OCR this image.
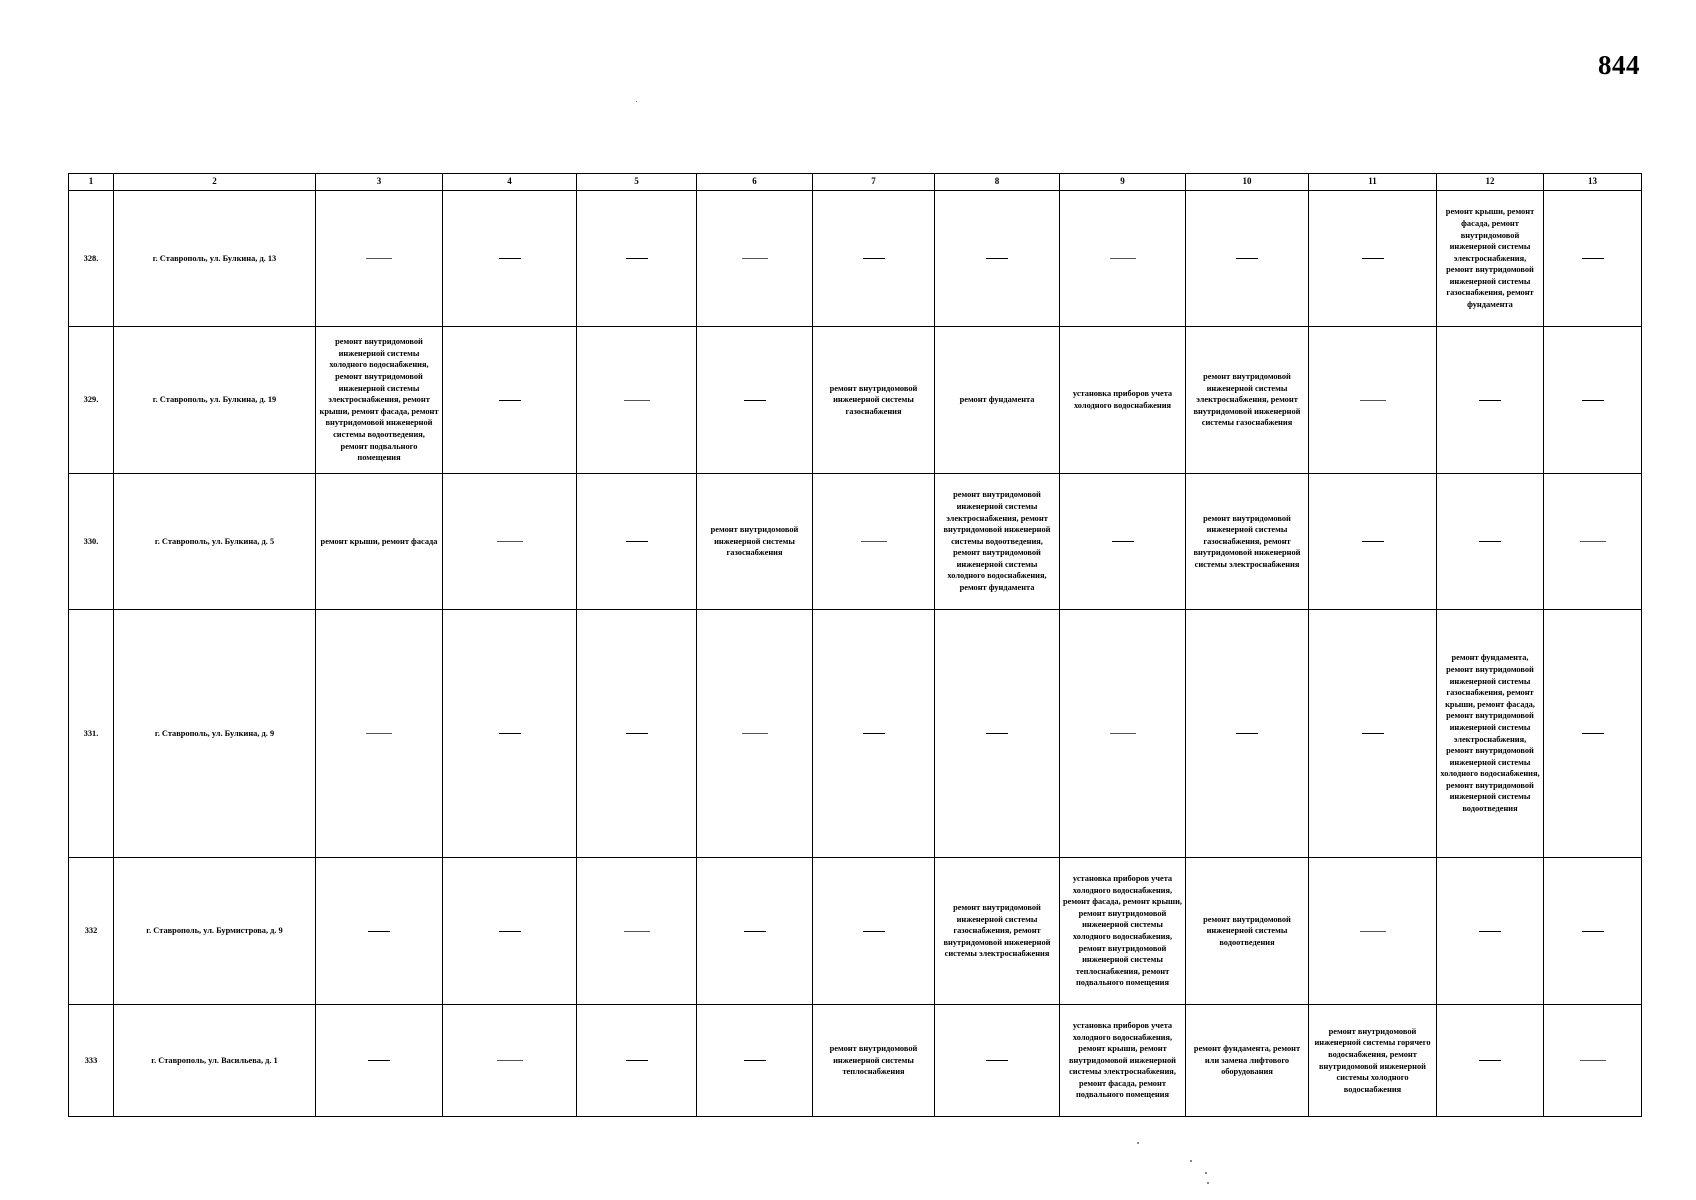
844
1	2	3	4	5	6	7	8	9	10	11	12	13
328.	г. Ставрополь, ул. Булкина, д. 13										ремонт крыши, ремонт фасада, ремонт внутридомовой инженерной системы электроснабжения, ремонт внутридомовой инженерной системы газоснабжения, ремонт фундамента	
329.	г. Ставрополь, ул. Булкина, д. 19	ремонт внутридомовой инженерной системы холодного водоснабжения, ремонт внутридомовой инженерной системы электроснабжения, ремонт крыши, ремонт фасада, ремонт внутридомовой инженерной системы водоотведения, ремонт подвального помещения				ремонт внутридомовой инженерной системы газоснабжения	ремонт фундамента	установка приборов учета холодного водоснабжения	ремонт внутридомовой инженерной системы электроснабжения, ремонт внутридомовой инженерной системы газоснабжения			
330.	г. Ставрополь, ул. Булкина, д. 5	ремонт крыши, ремонт фасада			ремонт внутридомовой инженерной системы газоснабжения		ремонт внутридомовой инженерной системы электроснабжения, ремонт внутридомовой инженерной системы водоотведения, ремонт внутридомовой инженерной системы холодного водоснабжения, ремонт фундамента		ремонт внутридомовой инженерной системы газоснабжения, ремонт внутридомовой инженерной системы электроснабжения			
331.	г. Ставрополь, ул. Булкина, д. 9										ремонт фундамента, ремонт внутридомовой инженерной системы газоснабжения, ремонт крыши, ремонт фасада, ремонт внутридомовой инженерной системы электроснабжения, ремонт внутридомовой инженерной системы холодного водоснабжения, ремонт внутридомовой инженерной системы водоотведения	
332	г. Ставрополь, ул. Бурмистрова, д. 9						ремонт внутридомовой инженерной системы газоснабжения, ремонт внутридомовой инженерной системы электроснабжения	установка приборов учета холодного водоснабжения, ремонт фасада, ремонт крыши, ремонт внутридомовой инженерной системы холодного водоснабжения, ремонт внутридомовой инженерной системы теплоснабжения, ремонт подвального помещения	ремонт внутридомовой инженерной системы водоотведения			
333	г. Ставрополь, ул. Васильева, д. 1					ремонт внутридомовой инженерной системы теплоснабжения		установка приборов учета холодного водоснабжения, ремонт крыши, ремонт внутридомовой инженерной системы электроснабжения, ремонт фасада, ремонт подвального помещения	ремонт фундамента, ремонт или замена лифтового оборудования	ремонт внутридомовой инженерной системы горячего водоснабжения, ремонт внутридомовой инженерной системы холодного водоснабжения		
